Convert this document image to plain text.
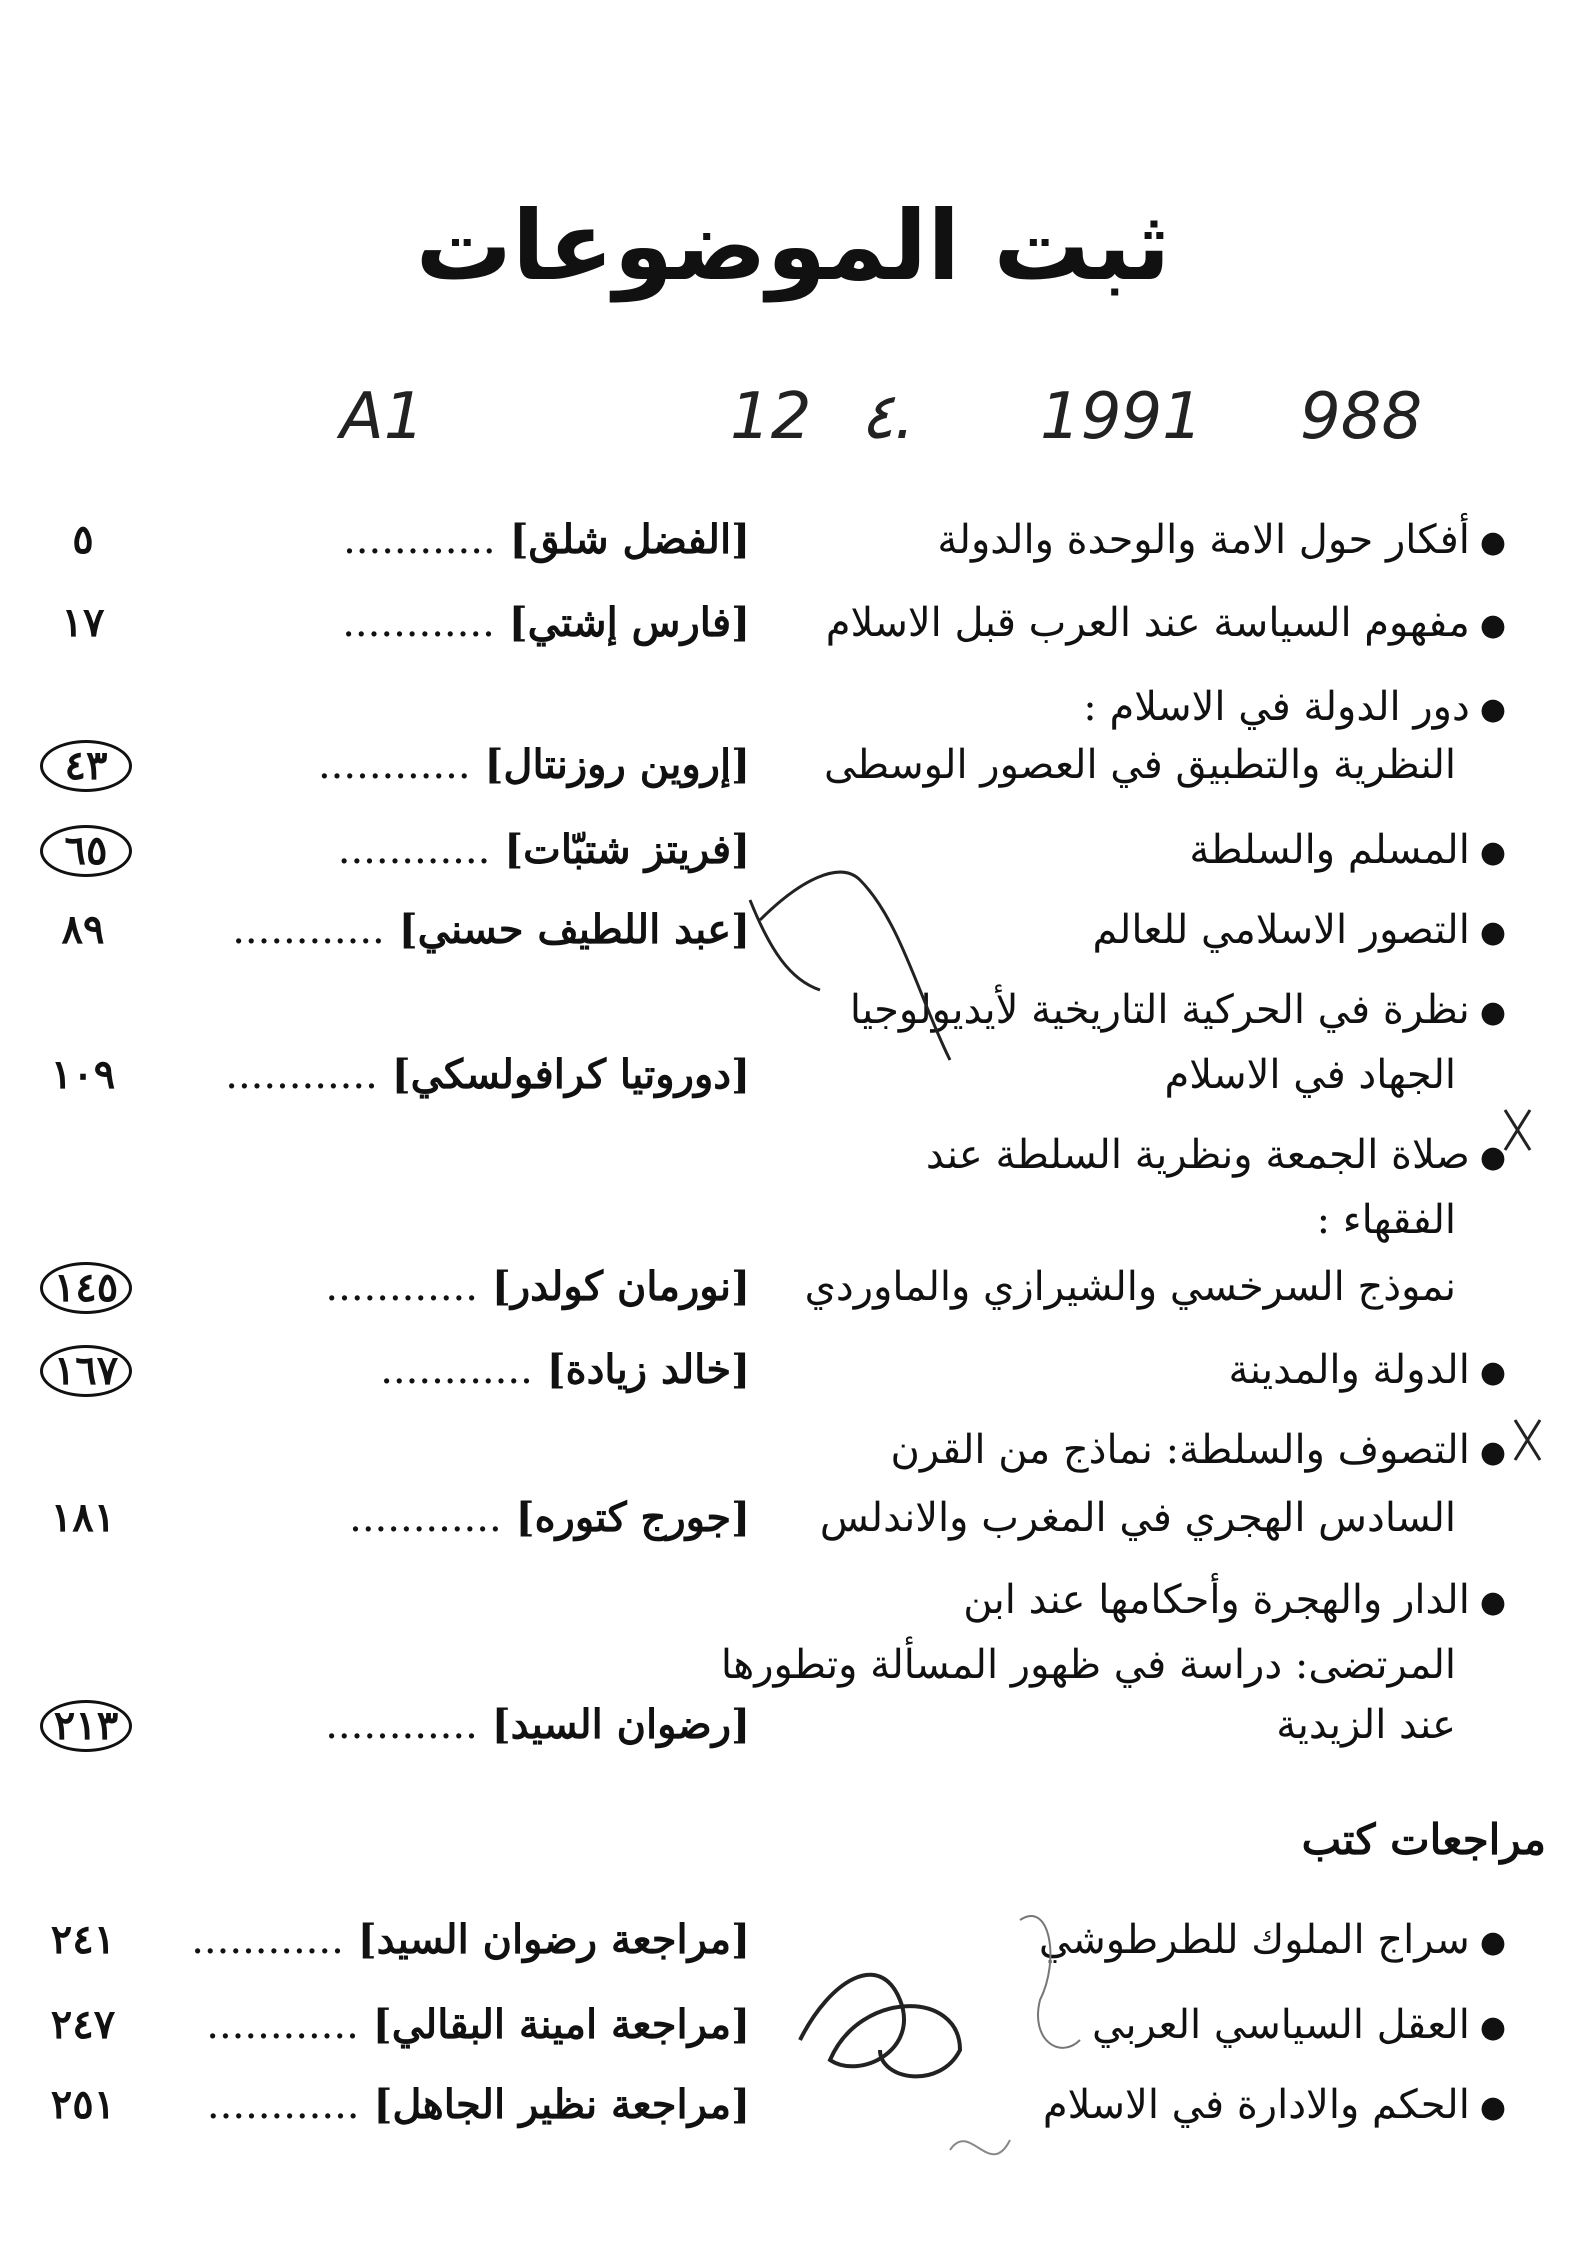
ثبت الموضوعات
A1	12 ٤. 1991 988
●أفكار حول الامة والوحدة والدولة
[الفضل شلق] ............
٥
●مفهوم السياسة عند العرب قبل الاسلام
[فارس إشتي] ............
١٧
●دور الدولة في الاسلام :
النظرية والتطبيق في العصور الوسطى
[إروين روزنتال] ............
٤٣
●المسلم والسلطة
[فريتز شتبّات] ............
٦٥
●التصور الاسلامي للعالم
[عبد اللطيف حسني] ............
٨٩
●نظرة في الحركية التاريخية لأيديولوجيا
الجهاد في الاسلام
[دوروتيا كرافولسكي] ............
١٠٩
●صلاة الجمعة ونظرية السلطة عند
الفقهاء :
نموذج السرخسي والشيرازي والماوردي
[نورمان كولدر] ............
١٤٥
●الدولة والمدينة
[خالد زيادة] ............
١٦٧
●التصوف والسلطة: نماذج من القرن
السادس الهجري في المغرب والاندلس
[جورج كتوره] ............
١٨١
●الدار والهجرة وأحكامها عند ابن
المرتضى: دراسة في ظهور المسألة وتطورها
عند الزيدية
[رضوان السيد] ............
٢١٣
مراجعات كتب
●سراج الملوك للطرطوشي
[مراجعة رضوان السيد] ............
٢٤١
●العقل السياسي العربي
[مراجعة امينة البقالي] ............
٢٤٧
●الحكم والادارة في الاسلام
[مراجعة نظير الجاهل] ............
٢٥١
